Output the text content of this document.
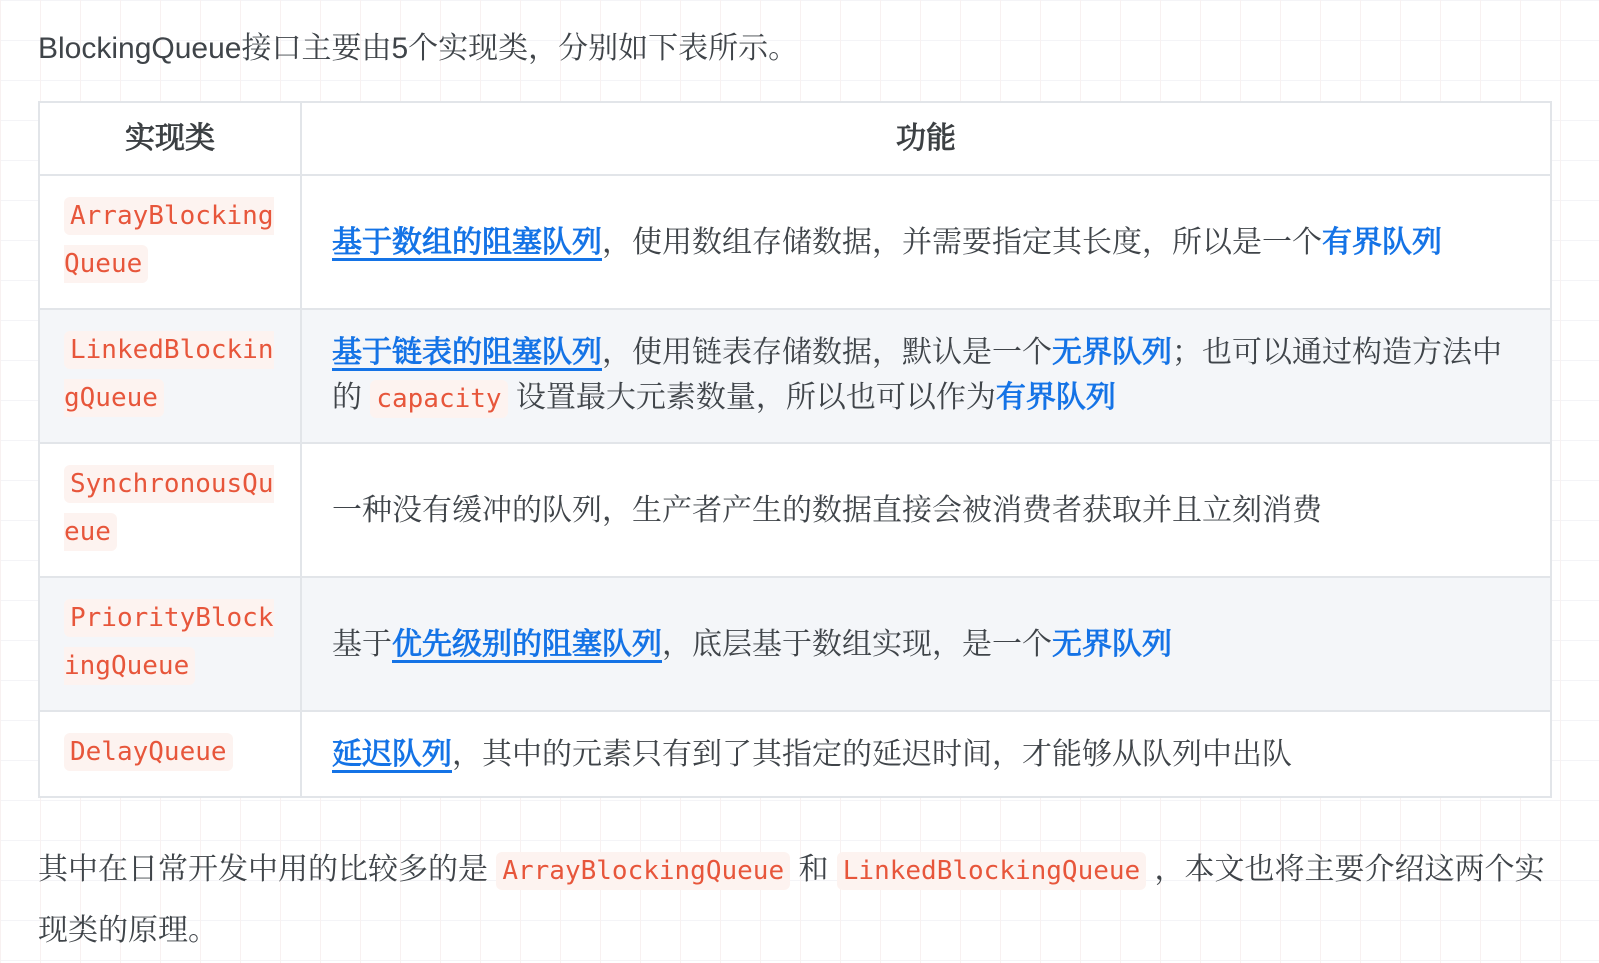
BlockingQueue接口主要由5个实现类，分别如下表所示。

实现类	功能
ArrayBlockingQueue	基于数组的阻塞队列，使用数组存储数据，并需要指定其长度，所以是一个有界队列
LinkedBlockingQueue	基于链表的阻塞队列，使用链表存储数据，默认是一个无界队列；也可以通过构造方法中的 capacity 设置最大元素数量，所以也可以作为有界队列
SynchronousQueue	一种没有缓冲的队列，生产者产生的数据直接会被消费者获取并且立刻消费
PriorityBlockingQueue	基于优先级别的阻塞队列，底层基于数组实现，是一个无界队列
DelayQueue	延迟队列，其中的元素只有到了其指定的延迟时间，才能够从队列中出队

其中在日常开发中用的比较多的是 ArrayBlockingQueue 和 LinkedBlockingQueue ，本文也将主要介绍这两个实现类的原理。
